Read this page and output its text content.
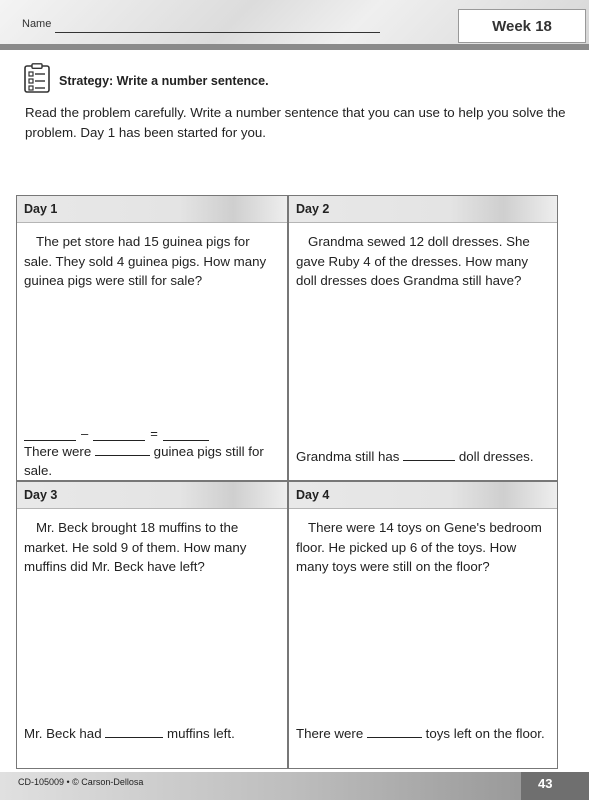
Name	Week 18
Strategy: Write a number sentence.
Read the problem carefully. Write a number sentence that you can use to help you solve the problem. Day 1 has been started for you.
Day 1
The pet store had 15 guinea pigs for sale. They sold 4 guinea pigs. How many guinea pigs were still for sale?
–	=
There were	guinea pigs still for sale.
Day 2
Grandma sewed 12 doll dresses. She gave Ruby 4 of the dresses. How many doll dresses does Grandma still have?
Grandma still has	doll dresses.
Day 3
Mr. Beck brought 18 muffins to the market. He sold 9 of them. How many muffins did Mr. Beck have left?
Mr. Beck had	muffins left.
Day 4
There were 14 toys on Gene's bedroom floor. He picked up 6 of the toys. How many toys were still on the floor?
There were	toys left on the floor.
CD-105009 • © Carson-Dellosa	43
